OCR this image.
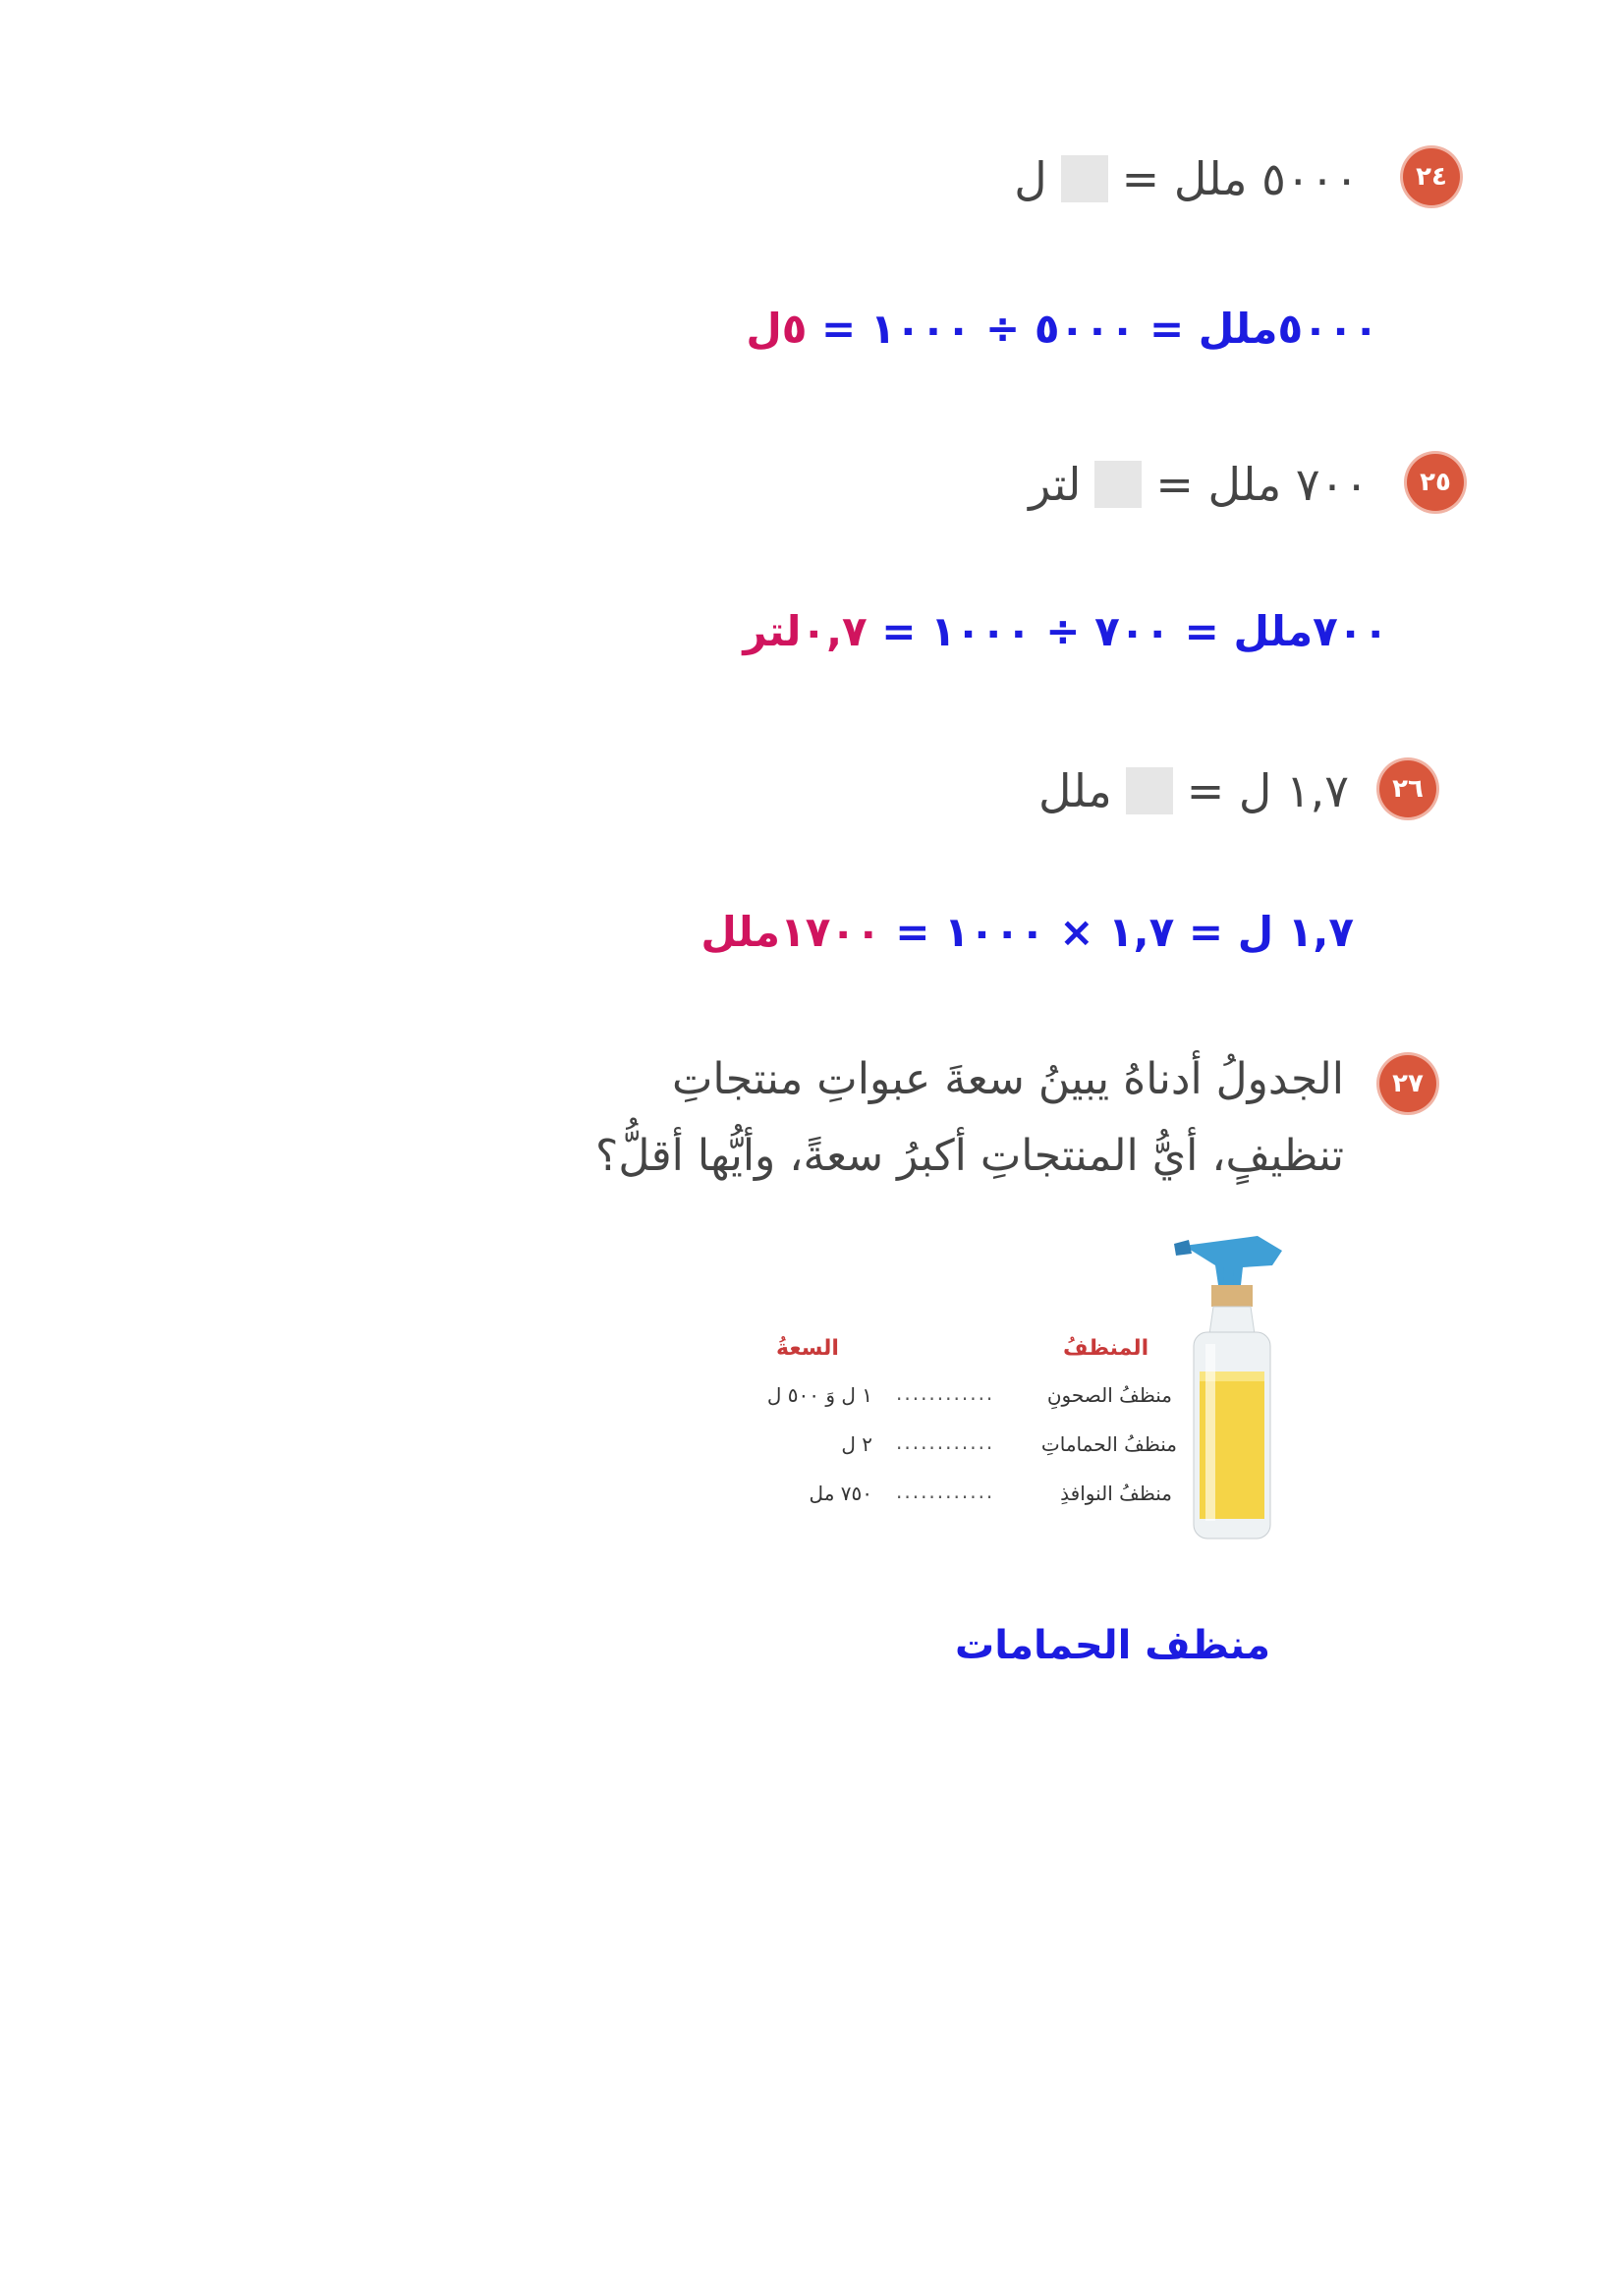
٢٤
٥٠٠٠ ملل =
ل
٥٠٠٠ملل = ٥٠٠٠ ÷ ١٠٠٠ = ٥ل
٢٥
٧٠٠ ملل =
لتر
٧٠٠ملل = ٧٠٠ ÷ ١٠٠٠ = ٠,٧لتر
٢٦
١,٧ ل =
ملل
١,٧ ل = ١,٧ × ١٠٠٠ = ١٧٠٠ملل
٢٧
الجدولُ أدناهُ يبينُ سعةَ عبواتِ منتجاتِ
تنظيفٍ، أيُّ المنتجاتِ أكبرُ سعةً، وأيُّها أقلُّ؟
المنظفُ
السعةُ
منظفُ الصحونِ
............
١ ل وَ ٥٠٠ ل
منظفُ الحماماتِ
............
٢ ل
منظفُ النوافذِ
............
٧٥٠ مل
منظف الحمامات
